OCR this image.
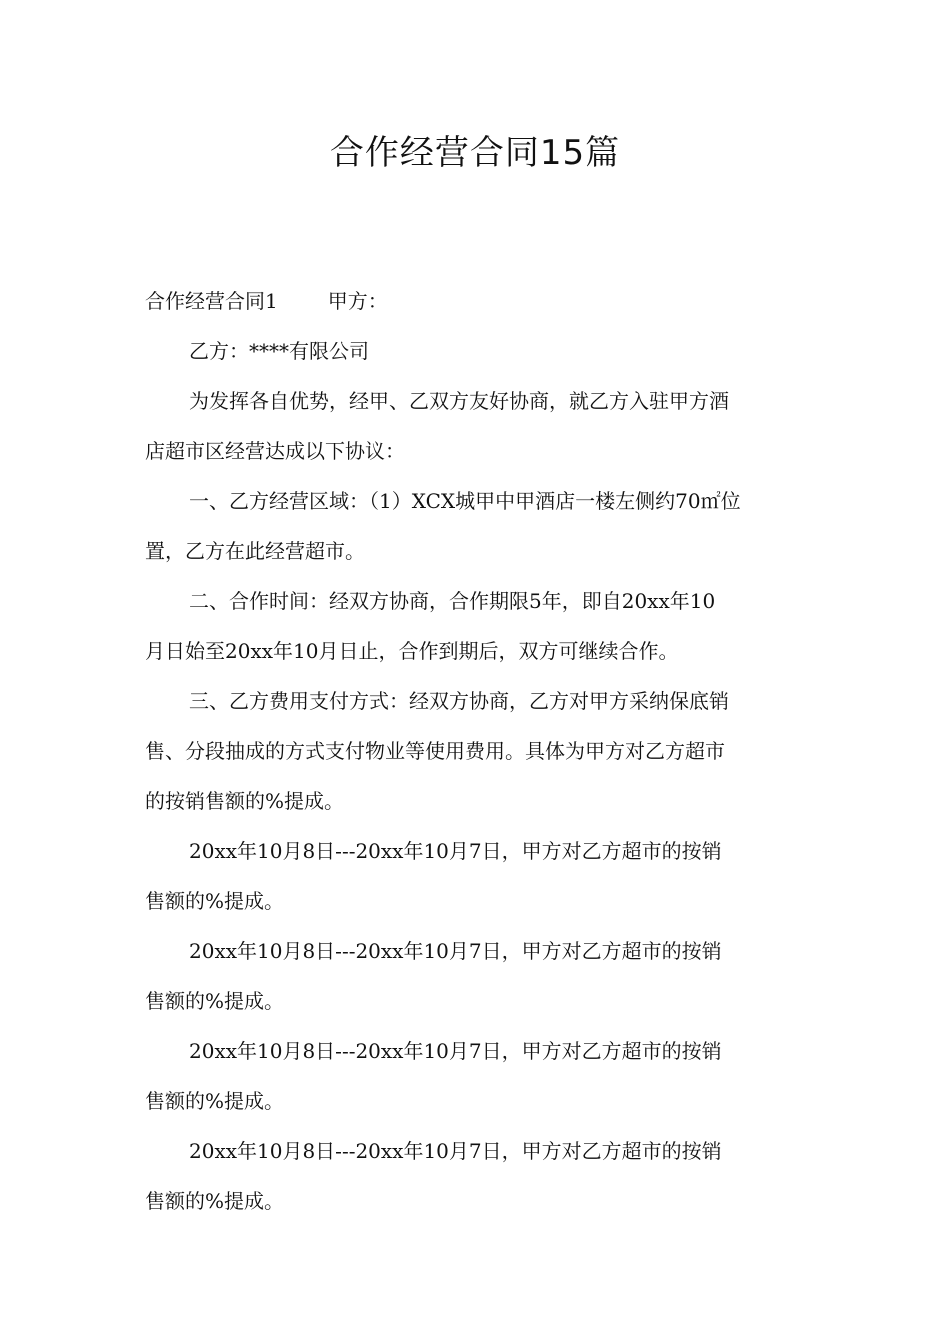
合作经营合同15篇
合作经营合同1	甲方：
乙方：****有限公司
为发挥各自优势，经甲、乙双方友好协商，就乙方入驻甲方酒
店超市区经营达成以下协议：
一、乙方经营区域：（1）XCX城甲中甲酒店一楼左侧约70㎡位
置，乙方在此经营超市。
二、合作时间：经双方协商，合作期限5年，即自20xx年10
月日始至20xx年10月日止，合作到期后，双方可继续合作。
三、乙方费用支付方式：经双方协商，乙方对甲方采纳保底销
售、分段抽成的方式支付物业等使用费用。具体为甲方对乙方超市
的按销售额的%提成。
20xx年10月8日---20xx年10月7日，甲方对乙方超市的按销
售额的%提成。
20xx年10月8日---20xx年10月7日，甲方对乙方超市的按销
售额的%提成。
20xx年10月8日---20xx年10月7日，甲方对乙方超市的按销
售额的%提成。
20xx年10月8日---20xx年10月7日，甲方对乙方超市的按销
售额的%提成。
